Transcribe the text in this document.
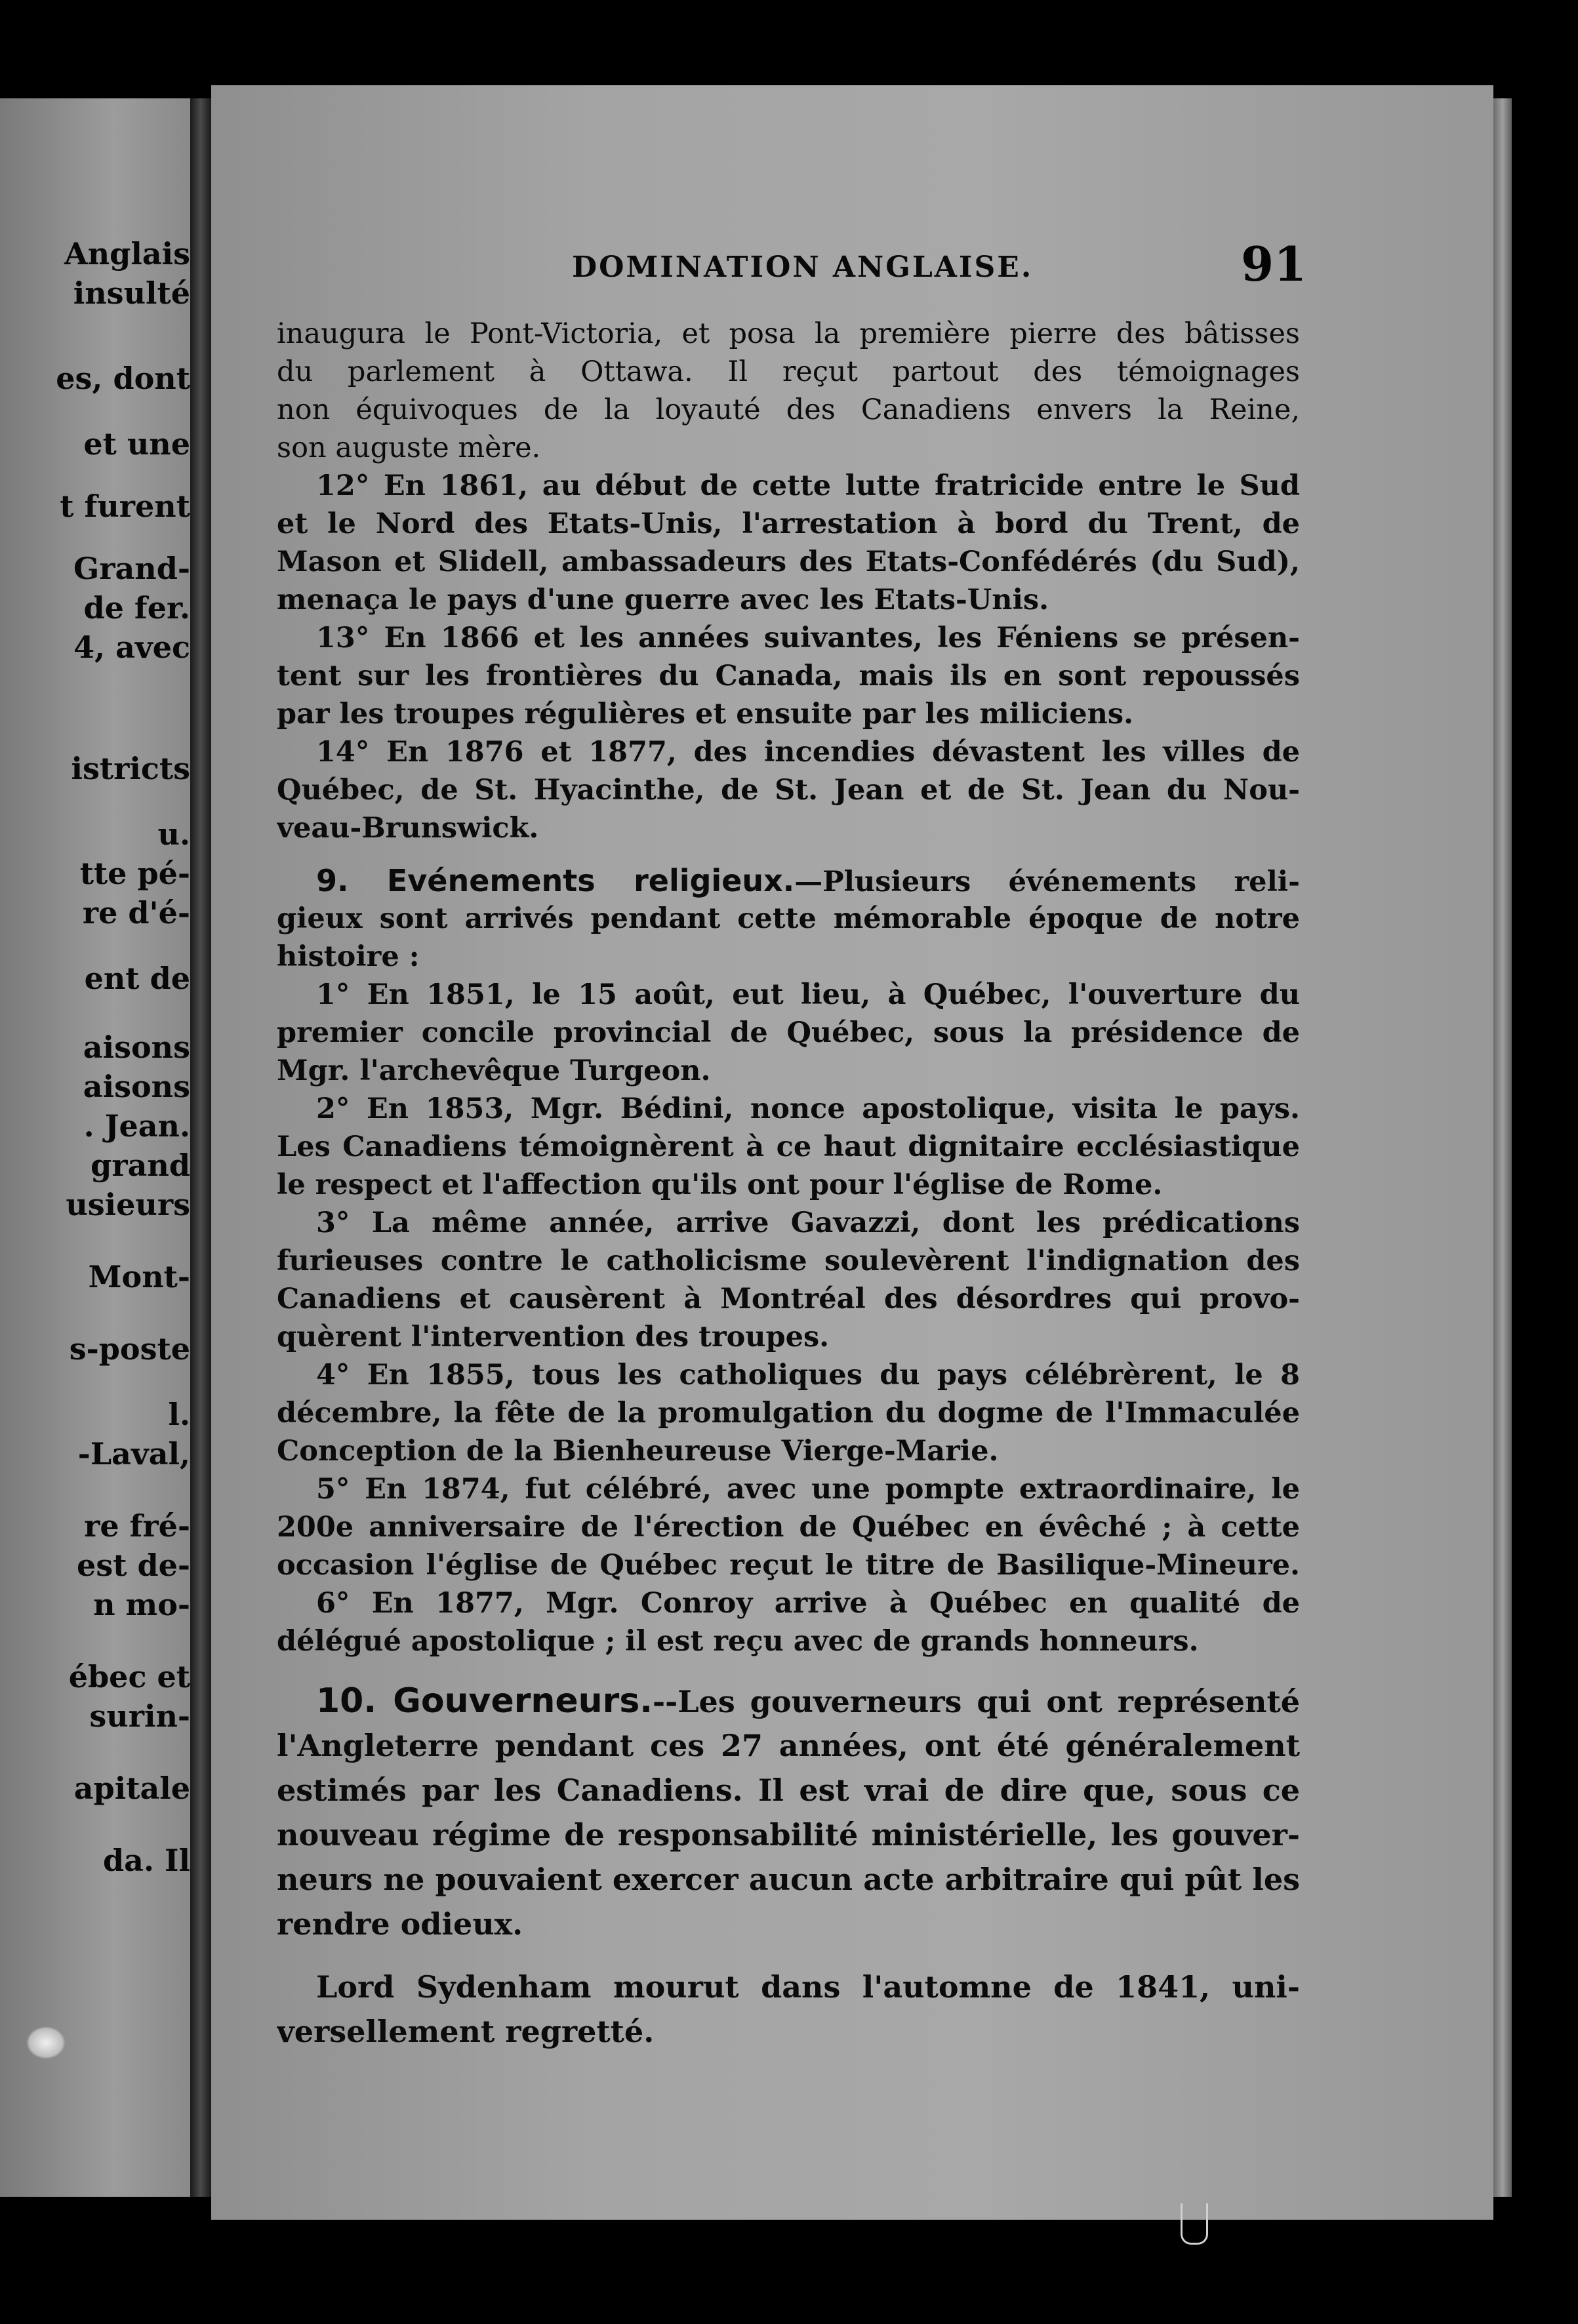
Anglais
insulté
es, dont
et une
t furent
Grand-
de fer.
4, avec
istricts
u.
tte pé-
re d'é-
ent de
aisons
aisons
. Jean.
grand
usieurs
Mont-
s-poste
l.
-Laval,
re fré-
est de-
n mo-
ébec et
surin-
apitale
da. Il
DOMINATION ANGLAISE.	91
inaugura le Pont-Victoria, et posa la première pierre des bâtisses
du parlement à Ottawa. Il reçut partout des témoignages
non équivoques de la loyauté des Canadiens envers la Reine,
son auguste mère.
12° En 1861, au début de cette lutte fratricide entre le Sud
et le Nord des Etats-Unis, l'arrestation à bord du Trent, de
Mason et Slidell, ambassadeurs des Etats-Confédérés (du Sud),
menaça le pays d'une guerre avec les Etats-Unis.
13° En 1866 et les années suivantes, les Féniens se présen-
tent sur les frontières du Canada, mais ils en sont repoussés
par les troupes régulières et ensuite par les miliciens.
14° En 1876 et 1877, des incendies dévastent les villes de
Québec, de St. Hyacinthe, de St. Jean et de St. Jean du Nou-
veau-Brunswick.
9. Evénements religieux.—Plusieurs événements reli-
gieux sont arrivés pendant cette mémorable époque de notre
histoire :
1° En 1851, le 15 août, eut lieu, à Québec, l'ouverture du
premier concile provincial de Québec, sous la présidence de
Mgr. l'archevêque Turgeon.
2° En 1853, Mgr. Bédini, nonce apostolique, visita le pays.
Les Canadiens témoignèrent à ce haut dignitaire ecclésiastique
le respect et l'affection qu'ils ont pour l'église de Rome.
3° La même année, arrive Gavazzi, dont les prédications
furieuses contre le catholicisme soulevèrent l'indignation des
Canadiens et causèrent à Montréal des désordres qui provo-
quèrent l'intervention des troupes.
4° En 1855, tous les catholiques du pays célébrèrent, le 8
décembre, la fête de la promulgation du dogme de l'Immaculée
Conception de la Bienheureuse Vierge-Marie.
5° En 1874, fut célébré, avec une pompte extraordinaire, le
200e anniversaire de l'érection de Québec en évêché ; à cette
occasion l'église de Québec reçut le titre de Basilique-Mineure.
6° En 1877, Mgr. Conroy arrive à Québec en qualité de
délégué apostolique ; il est reçu avec de grands honneurs.
10. Gouverneurs.--Les gouverneurs qui ont représenté
l'Angleterre pendant ces 27 années, ont été généralement
estimés par les Canadiens. Il est vrai de dire que, sous ce
nouveau régime de responsabilité ministérielle, les gouver-
neurs ne pouvaient exercer aucun acte arbitraire qui pût les
rendre odieux.
Lord Sydenham mourut dans l'automne de 1841, uni-
versellement regretté.
